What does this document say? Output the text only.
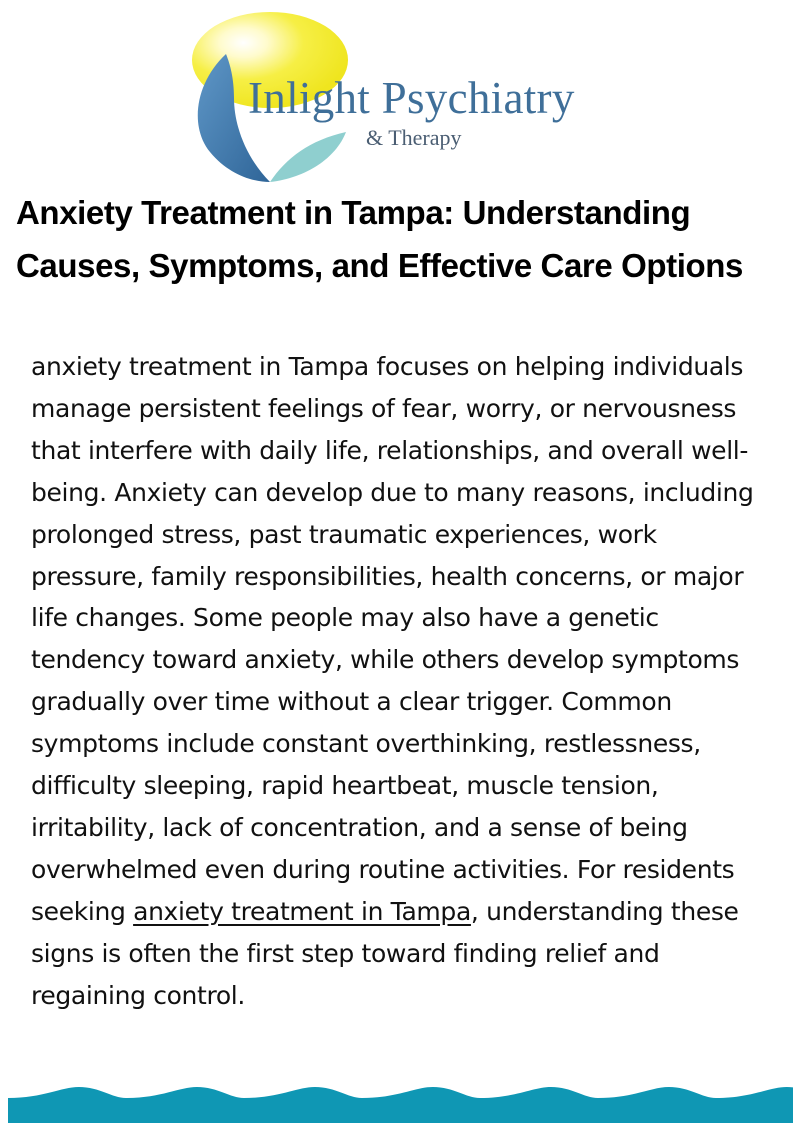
Inlight Psychiatry
& Therapy
Anxiety Treatment in Tampa: Understanding Causes, Symptoms, and Effective Care Options

anxiety treatment in Tampa focuses on helping individuals manage persistent feelings of fear, worry, or nervousness that interfere with daily life, relationships, and overall well-being. Anxiety can develop due to many reasons, including prolonged stress, past traumatic experiences, work pressure, family responsibilities, health concerns, or major life changes. Some people may also have a genetic tendency toward anxiety, while others develop symptoms gradually over time without a clear trigger. Common symptoms include constant overthinking, restlessness, difficulty sleeping, rapid heartbeat, muscle tension, irritability, lack of concentration, and a sense of being overwhelmed even during routine activities. For residents seeking anxiety treatment in Tampa, understanding these signs is often the first step toward finding relief and regaining control.
